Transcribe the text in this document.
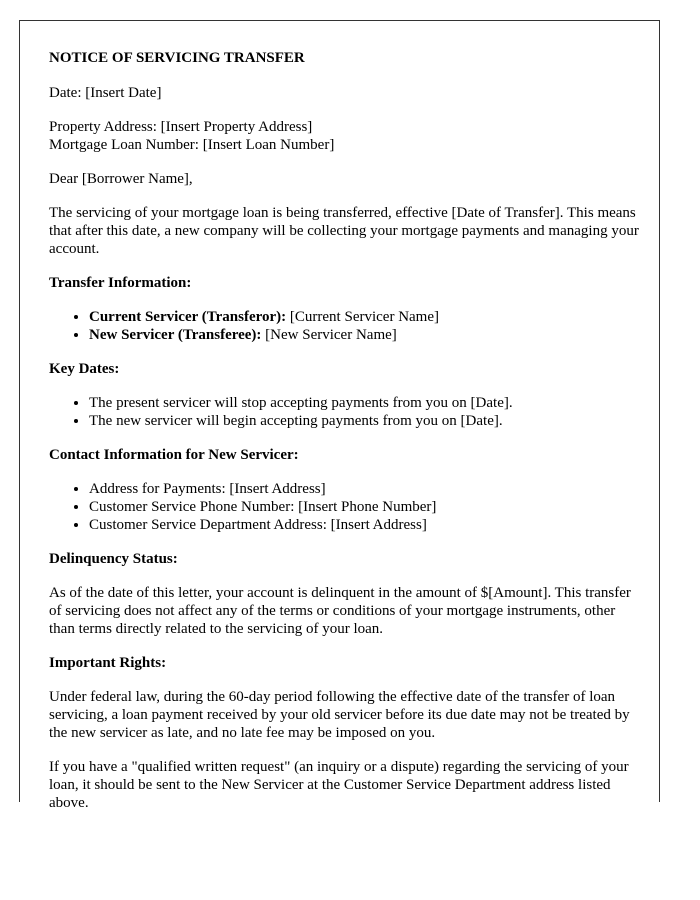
NOTICE OF SERVICING TRANSFER

Date: [Insert Date]

Property Address: [Insert Property Address]
Mortgage Loan Number: [Insert Loan Number]

Dear [Borrower Name],

The servicing of your mortgage loan is being transferred, effective [Date of Transfer]. This means that after this date, a new company will be collecting your mortgage payments and managing your account.

Transfer Information:
• Current Servicer (Transferor): [Current Servicer Name]
• New Servicer (Transferee): [New Servicer Name]
Key Dates:
• The present servicer will stop accepting payments from you on [Date].
• The new servicer will begin accepting payments from you on [Date].
Contact Information for New Servicer:
• Address for Payments: [Insert Address]
• Customer Service Phone Number: [Insert Phone Number]
• Customer Service Department Address: [Insert Address]
Delinquency Status:

As of the date of this letter, your account is delinquent in the amount of $[Amount]. This transfer of servicing does not affect any of the terms or conditions of your mortgage instruments, other than terms directly related to the servicing of your loan.

Important Rights:

Under federal law, during the 60-day period following the effective date of the transfer of loan servicing, a loan payment received by your old servicer before its due date may not be treated by the new servicer as late, and no late fee may be imposed on you.

If you have a "qualified written request" (an inquiry or a dispute) regarding the servicing of your loan, it should be sent to the New Servicer at the Customer Service Department address listed above.
